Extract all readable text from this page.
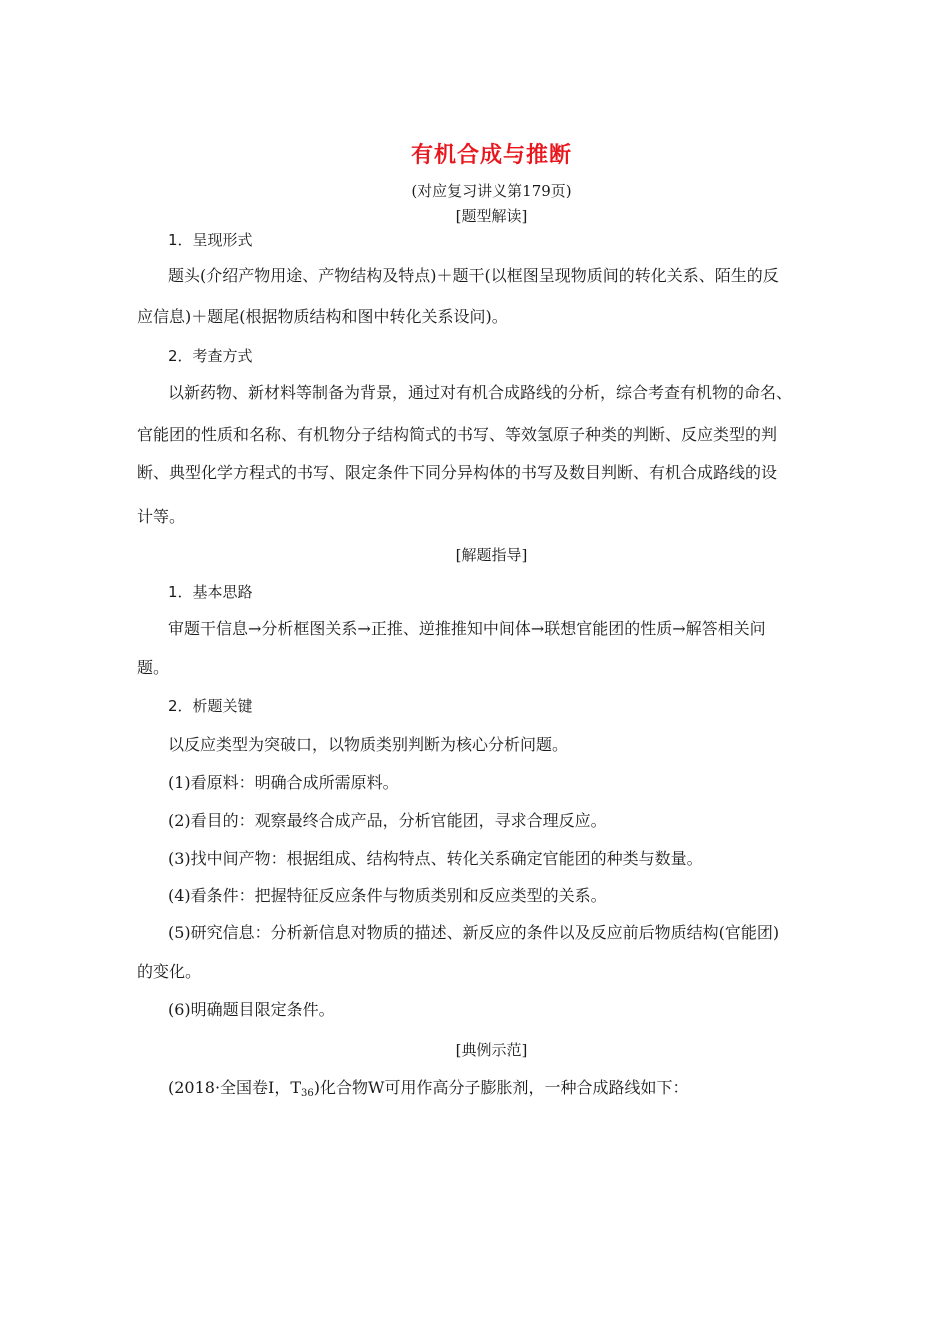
有机合成与推断
(对应复习讲义第179页)
[题型解读]
1．呈现形式
题头(介绍产物用途、产物结构及特点)＋题干(以框图呈现物质间的转化关系、陌生的反
应信息)＋题尾(根据物质结构和图中转化关系设问)。
2．考查方式
以新药物、新材料等制备为背景，通过对有机合成路线的分析，综合考查有机物的命名、
官能团的性质和名称、有机物分子结构简式的书写、等效氢原子种类的判断、反应类型的判
断、典型化学方程式的书写、限定条件下同分异构体的书写及数目判断、有机合成路线的设
计等。
[解题指导]
1．基本思路
审题干信息→分析框图关系→正推、逆推推知中间体→联想官能团的性质→解答相关问
题。
2．析题关键
以反应类型为突破口，以物质类别判断为核心分析问题。
(1)看原料：明确合成所需原料。
(2)看目的：观察最终合成产品，分析官能团，寻求合理反应。
(3)找中间产物：根据组成、结构特点、转化关系确定官能团的种类与数量。
(4)看条件：把握特征反应条件与物质类别和反应类型的关系。
(5)研究信息：分析新信息对物质的描述、新反应的条件以及反应前后物质结构(官能团)
的变化。
(6)明确题目限定条件。
[典例示范]
(2018·全国卷Ⅰ，$T_{36}$)化合物W可用作高分子膨胀剂，一种合成路线如下：
